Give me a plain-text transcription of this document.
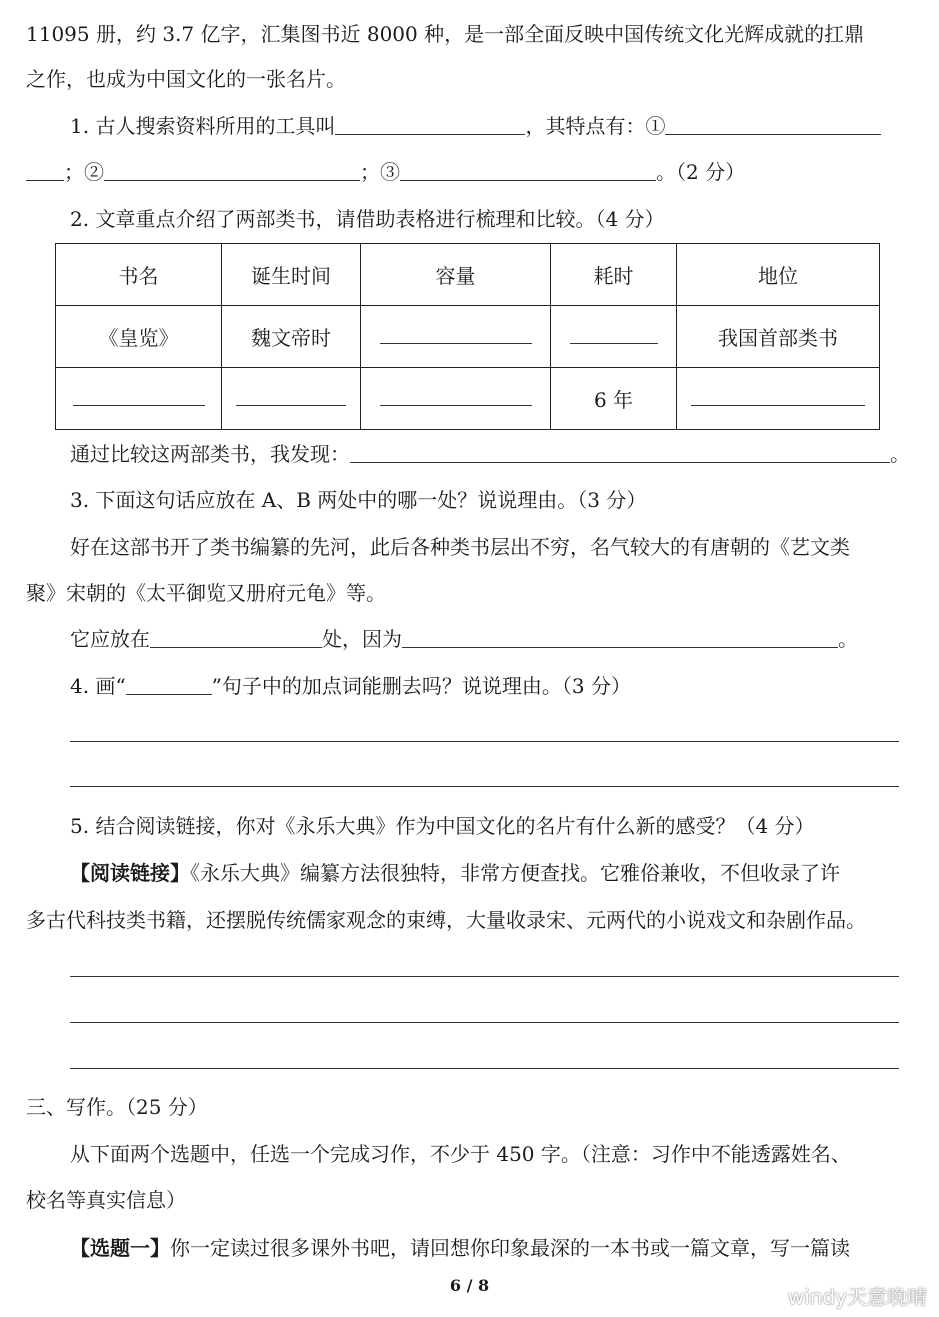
11095 册，约 3.7 亿字，汇集图书近 8000 种，是一部全面反映中国传统文化光辉成就的扛鼎
之作，也成为中国文化的一张名片。
1. 古人搜索资料所用的工具叫	，其特点有：①
；②	；③	。（2 分）
2. 文章重点介绍了两部类书，请借助表格进行梳理和比较。（4 分）
书名	诞生时间	容量	耗时	地位
《皇览》	魏文帝时			我国首部类书
			6 年	
通过比较这两部类书，我发现：	。
3. 下面这句话应放在 A、B 两处中的哪一处？说说理由。（3 分）
好在这部书开了类书编纂的先河，此后各种类书层出不穷，名气较大的有唐朝的《艺文类
聚》宋朝的《太平御览又册府元龟》等。
它应放在	处，因为	。
4. 画“	”句子中的加点词能删去吗？说说理由。（3 分）
5. 结合阅读链接，你对《永乐大典》作为中国文化的名片有什么新的感受？（4 分）
【阅读链接】《永乐大典》编纂方法很独特，非常方便查找。它雅俗兼收，不但收录了许
多古代科技类书籍，还摆脱传统儒家观念的束缚，大量收录宋、元两代的小说戏文和杂剧作品。
三、写作。（25 分）
从下面两个选题中，任选一个完成习作，不少于 450 字。（注意：习作中不能透露姓名、
校名等真实信息）
【选题一】你一定读过很多课外书吧，请回想你印象最深的一本书或一篇文章，写一篇读
6 / 8	windy天意晚晴
